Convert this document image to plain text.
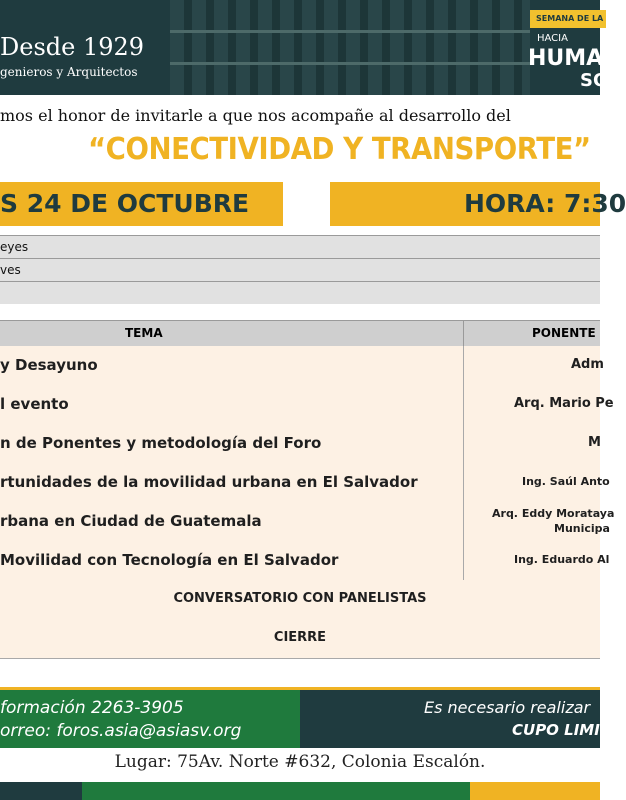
Desde 1929
genieros y Arquitectos
SEMANA DE LA
HACIA
HUMA
SO
mos el honor de invitarle a que nos acompañe al desarrollo del
“CONECTIVIDAD Y TRANSPORTE”
S 24 DE OCTUBRE	HORA: 7:30
eyes
ves
TEMA	PONENTE
y Desayuno	Adm
l evento	Arq. Mario Pe
n de Ponentes y metodología del Foro	M
rtunidades de la movilidad urbana en El Salvador	Ing. Saúl Anto
rbana en Ciudad de Guatemala	Arq. Eddy Morataya
Municipa
Movilidad con Tecnología en El Salvador	Ing. Eduardo Al
CONVERSATORIO CON PANELISTAS
CIERRE
formación 2263-3905
orreo: foros.asia@asiasv.org
Es necesario realizar
CUPO LIMIT
Lugar: 75Av. Norte #632, Colonia Escalón.
